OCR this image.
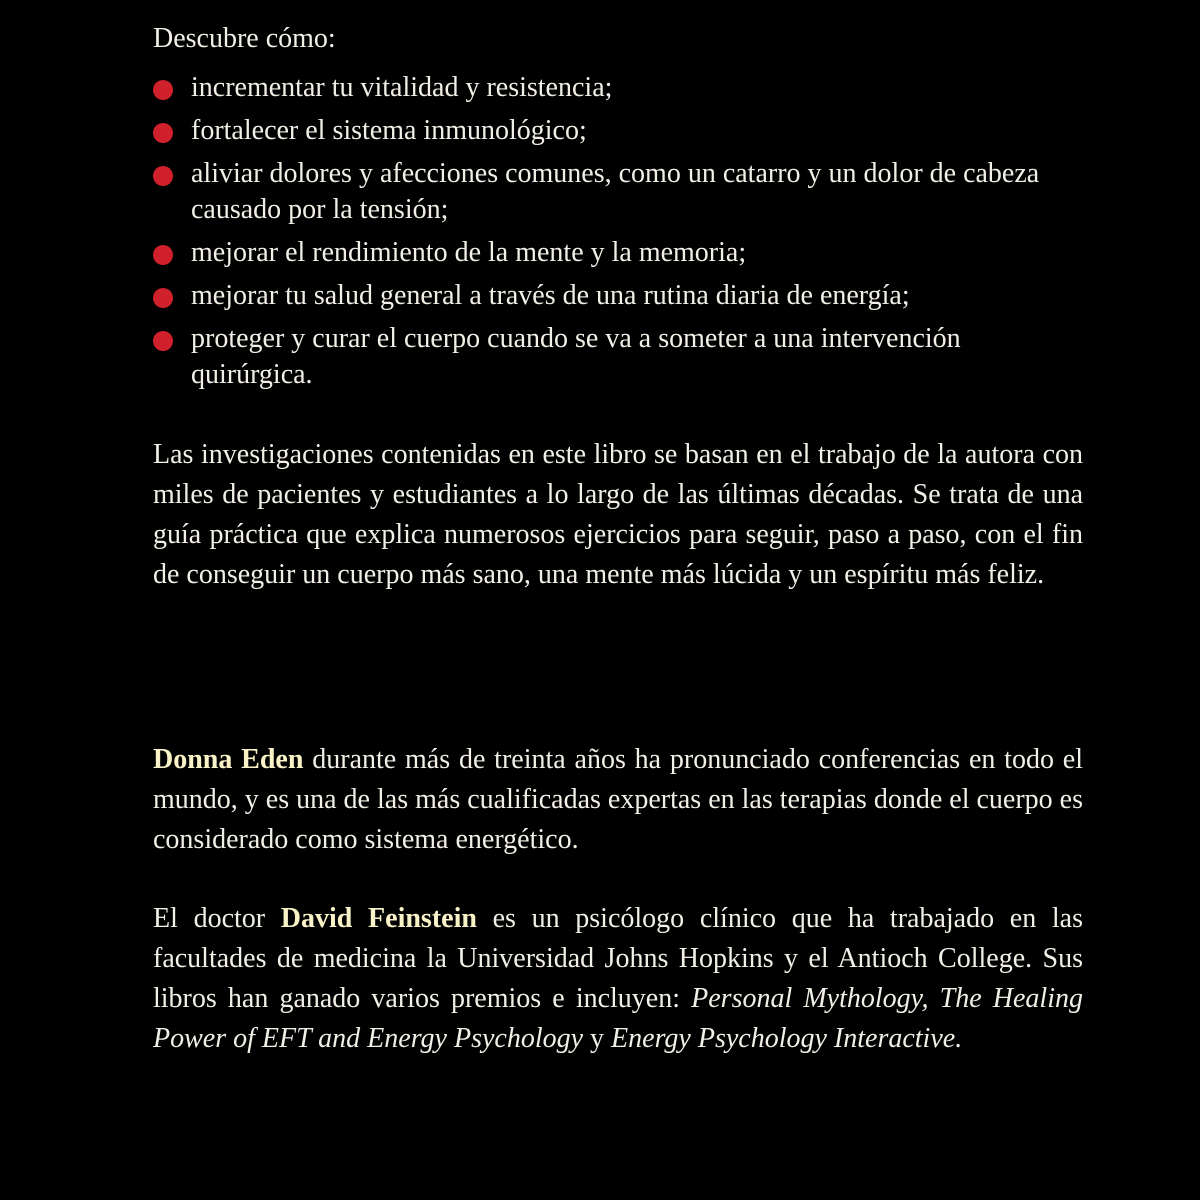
Descubre cómo:

incrementar tu vitalidad y resistencia;
fortalecer el sistema inmunológico;
aliviar dolores y afecciones comunes, como un catarro y un dolor de cabeza causado por la tensión;
mejorar el rendimiento de la mente y la memoria;
mejorar tu salud general a través de una rutina diaria de energía;
proteger y curar el cuerpo cuando se va a someter a una intervención quirúrgica.

Las investigaciones contenidas en este libro se basan en el trabajo de la autora con miles de pacientes y estudiantes a lo largo de las últimas décadas. Se trata de una guía práctica que explica numerosos ejercicios para seguir, paso a paso, con el fin de conseguir un cuerpo más sano, una mente más lúcida y un espíritu más feliz.

Donna Eden durante más de treinta años ha pronunciado conferencias en todo el mundo, y es una de las más cualificadas expertas en las terapias donde el cuerpo es considerado como sistema energético.

El doctor David Feinstein es un psicólogo clínico que ha trabajado en las facultades de medicina la Universidad Johns Hopkins y el Antioch College. Sus libros han ganado varios premios e incluyen: Personal Mythology, The Healing Power of EFT and Energy Psychology y Energy Psychology Interactive.
